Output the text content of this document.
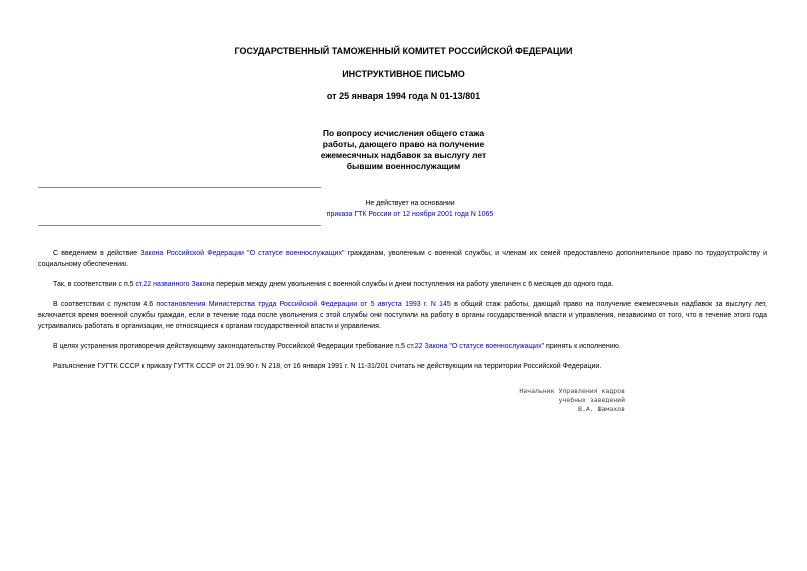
ГОСУДАРСТВЕННЫЙ ТАМОЖЕННЫЙ КОМИТЕТ РОССИЙСКОЙ ФЕДЕРАЦИИ
ИНСТРУКТИВНОЕ ПИСЬМО
от 25 января 1994 года N 01-13/801
По вопросу исчисления общего стажа
работы, дающего право на получение
ежемесячных надбавок за выслугу лет
бывшим военнослужащим
Не действует на основании
приказа ГТК России от 12 ноября 2001 года N 1065
С введением в действие Закона Российской Федерации "О статусе военнослужащих" гражданам, уволенным с военной службы, и членам их семей предоставлено дополнительное право по трудоустройству и социальному обеспечению.
Так, в соответствии с п.5 ст.22 названного Закона перерыв между днем увольнения с военной службы и днем поступления на работу увеличен с 6 месяцев до одного года.
В соответствии с пунктом 4.6 постановления Министерства труда Российской Федерации от 5 августа 1993 г. N 145 в общий стаж работы, дающий право на получение ежемесячных надбавок за выслугу лет, включается время военной службы граждан, если в течение года после увольнения с этой службы они поступили на работу в органы государственной власти и управления, независимо от того, что в течение этого года устраивались работать в организации, не относящиеся к органам государственной власти и управления.
В целях устранения противоречия действующему законодательству Российской Федерации требование п.5 ст.22 Закона "О статусе военнослужащих" принять к исполнению.
Разъяснение ГУГТК СССР к приказу ГУГТК СССР от 21.09.90 г. N 218, от 16 января 1991 г. N 11-31/201 считать не действующим на территории Российской Федерации.
Начальник Управления кадров
учебных заведений
В.А. Шамахов
